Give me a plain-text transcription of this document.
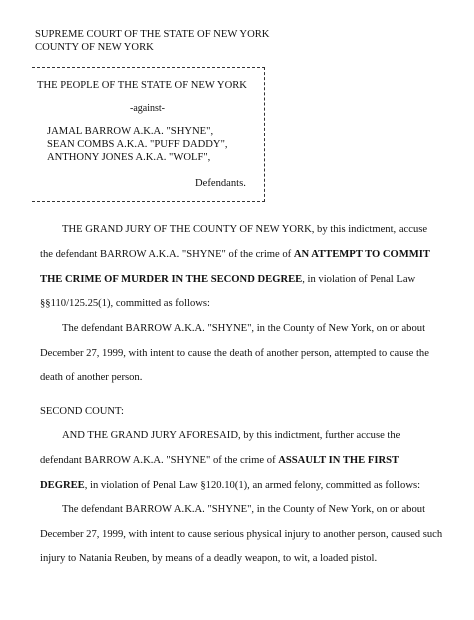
SUPREME COURT OF THE STATE OF NEW YORK
COUNTY OF NEW YORK
THE PEOPLE OF THE STATE OF NEW YORK
-against-
JAMAL BARROW A.K.A. "SHYNE",
SEAN COMBS A.K.A. "PUFF DADDY",
ANTHONY JONES A.K.A. "WOLF",
Defendants.
THE GRAND JURY OF THE COUNTY OF NEW YORK, by this indictment, accuse
the defendant BARROW A.K.A. "SHYNE" of the crime of AN ATTEMPT TO COMMIT
THE CRIME OF MURDER IN THE SECOND DEGREE, in violation of Penal Law
§§110/125.25(1), committed as follows:
The defendant BARROW A.K.A. "SHYNE", in the County of New York, on or about
December 27, 1999, with intent to cause the death of another person, attempted to cause the
death of another person.
SECOND COUNT:
AND THE GRAND JURY AFORESAID, by this indictment, further accuse the
defendant BARROW A.K.A. "SHYNE" of the crime of ASSAULT IN THE FIRST
DEGREE, in violation of Penal Law §120.10(1), an armed felony, committed as follows:
The defendant BARROW A.K.A. "SHYNE", in the County of New York, on or about
December 27, 1999, with intent to cause serious physical injury to another person, caused such
injury to Natania Reuben, by means of a deadly weapon, to wit, a loaded pistol.
